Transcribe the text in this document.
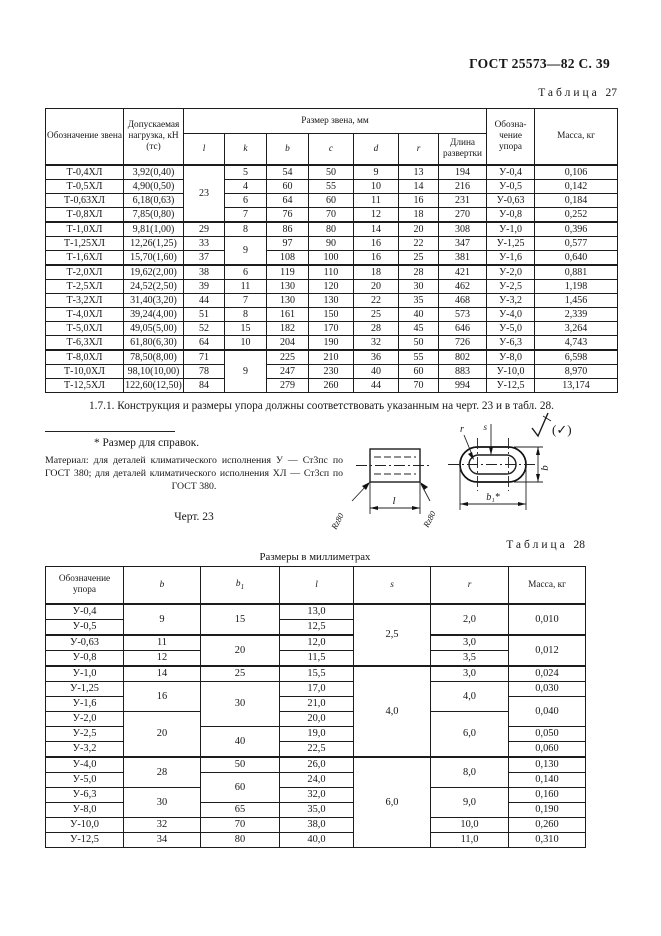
ГОСТ 25573—82 С. 39
Таблица 27
Обозначение звена	Допускаемая нагрузка, кН (тс)	Размер звена, мм							Обозна-чение упора	Масса, кг
		l	k	b	c	d	r	Длина развертки		
Т-0,4ХЛ	3,92(0,40)	23	5	54	50	9	13	194	У-0,4	0,106
Т-0,5ХЛ	4,90(0,50)		4	60	55	10	14	216	У-0,5	0,142
Т-0,63ХЛ	6,18(0,63)		6	64	60	11	16	231	У-0,63	0,184
Т-0,8ХЛ	7,85(0,80)		7	76	70	12	18	270	У-0,8	0,252
Т-1,0ХЛ	9,81(1,00)	29	8	86	80	14	20	308	У-1,0	0,396
Т-1,25ХЛ	12,26(1,25)	33	9	97	90	16	22	347	У-1,25	0,577
Т-1,6ХЛ	15,70(1,60)	37		108	100	16	25	381	У-1,6	0,640
Т-2,0ХЛ	19,62(2,00)	38	6	119	110	18	28	421	У-2,0	0,881
Т-2,5ХЛ	24,52(2,50)	39	11	130	120	20	30	462	У-2,5	1,198
Т-3,2ХЛ	31,40(3,20)	44	7	130	130	22	35	468	У-3,2	1,456
Т-4,0ХЛ	39,24(4,00)	51	8	161	150	25	40	573	У-4,0	2,339
Т-5,0ХЛ	49,05(5,00)	52	15	182	170	28	45	646	У-5,0	3,264
Т-6,3ХЛ	61,80(6,30)	64	10	204	190	32	50	726	У-6,3	4,743
Т-8,0ХЛ	78,50(8,00)	71	9	225	210	36	55	802	У-8,0	6,598
Т-10,0ХЛ	98,10(10,00)	78		247	230	40	60	883	У-10,0	8,970
Т-12,5ХЛ	122,60(12,50)	84		279	260	44	70	994	У-12,5	13,174

1.7.1. Конструкция и размеры упора должны соответствовать указанным на черт. 23 и в табл. 28.

* Размер для справок.
Материал: для деталей климатического исполнения У — Ст3пс по ГОСТ 380; для деталей климатического исполнения ХЛ — Ст3сп по ГОСТ 380.
Черт. 23
l
Rz80	Rz80
r s
b
b₁*
(✓)
Таблица 28
Размеры в миллиметрах
Обозначение упора	b	$b_1$	l	s	r	Масса, кг
У-0,4	9	15	13,0	2,5	2,0	0,010
У-0,5			12,5			
У-0,63	11	20	12,0		3,0	0,012
У-0,8	12		11,5		3,5	
У-1,0	14	25	15,5	4,0	3,0	0,024
У-1,25	16	30	17,0		4,0	0,030
У-1,6			21,0			0,040
У-2,0	20		20,0		6,0	
У-2,5		40	19,0			0,050
У-3,2			22,5			0,060
У-4,0	28	50	26,0	6,0	8,0	0,130
У-5,0		60	24,0			0,140
У-6,3	30		32,0		9,0	0,160
У-8,0		65	35,0			0,190
У-10,0	32	70	38,0		10,0	0,260
У-12,5	34	80	40,0		11,0	0,310
